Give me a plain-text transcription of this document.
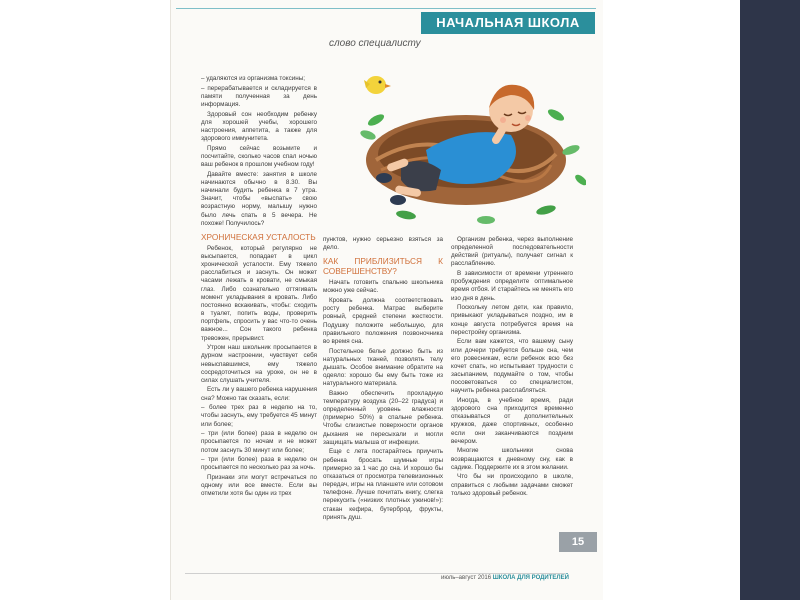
НАЧАЛЬНАЯ ШКОЛА
слово специалисту

– удаляются из организма токсины;

– перерабатывается и складируется в памяти полученная за день информация.

Здоровый сон необходим ребенку для хорошей учебы, хорошего настроения, аппетита, а также для здорового иммунитета.

Прямо сейчас возьмите и посчитайте, сколько часов спал ночью ваш ребенок в прошлом учебном году!

Давайте вместе: занятия в школе начинаются обычно в 8.30. Вы начинали будить ребенка в 7 утра. Значит, чтобы «выспать» свою возрастную норму, малышу нужно было лечь спать в 5 вечера. Не похоже! Получилось?

ХРОНИЧЕСКАЯ УСТАЛОСТЬ

Ребенок, который регулярно не высыпается, попадает в цикл хронической усталости. Ему тяжело расслабиться и заснуть. Он может часами лежать в кровати, не смыкая глаз. Либо сознательно оттягивать момент укладывания в кровать. Либо постоянно вскакивать, чтобы: сходить в туалет, попить воды, проверить портфель, спросить у вас что-то очень важное... Сон такого ребенка тревожен, прерывист.

Утром наш школьник просыпается в дурном настроении, чувствует себя невыспавшимся, ему тяжело сосредоточиться на уроке, он не в силах слушать учителя.

Есть ли у вашего ребенка нарушения сна? Можно так сказать, если:

– более трех раз в неделю на то, чтобы заснуть, ему требуется 45 минут или более;

– три (или более) раза в неделю он просыпается по ночам и не может потом заснуть 30 минут или более;

– три (или более) раза в неделю он просыпается по несколько раз за ночь.

Признаки эти могут встречаться по одному или все вместе. Если вы отметили хотя бы один из трех

пунктов, нужно серьезно взяться за дело.

КАК ПРИБЛИЗИТЬСЯ К СОВЕРШЕНСТВУ?

Начать готовить спальню школьника можно уже сейчас.

Кровать должна соответствовать росту ребенка. Матрас выберите ровный, средней степени жесткости. Подушку положите небольшую, для правильного положения позвоночника во время сна.

Постельное белье должно быть из натуральных тканей, позволять телу дышать. Особое внимание обратите на одеяло: хорошо бы ему быть тоже из натурального материала.

Важно обеспечить прохладную температуру воздуха (20–22 градуса) и определенный уровень влажности (примерно 50%) в спальне ребенка. Чтобы слизистые поверхности органов дыхания не пересыхали и могли защищать малыша от инфекции.

Еще с лета постарайтесь приучить ребенка бросать шумные игры примерно за 1 час до сна. И хорошо бы отказаться от просмотра телевизионных передач, игры на планшете или сотовом телефоне. Лучше почитать книгу, слегка перекусить («низких плотных ужинов!»): стакан кефира, бутерброд, фрукты, принять душ.

Организм ребенка, через выполнение определенной последовательности действий (ритуалы), получает сигнал к расслаблению.

В зависимости от времени утреннего пробуждения определите оптимальное время отбоя. И старайтесь не менять его изо дня в день.

Поскольку летом дети, как правило, привыкают укладываться поздно, им в конце августа потребуется время на перестройку организма.

Если вам кажется, что вашему сыну или дочери требуется больше сна, чем его ровесникам, если ребенок всю без кочет спать, но испытывает трудности с засыпанием, подумайте о том, чтобы посоветоваться со специалистом, научить ребенка расслабляться.

Иногда, в учебное время, ради здорового сна приходится временно отказываться от дополнительных кружков, даже спортивных, особенно если они заканчиваются поздним вечером.

Многие школьники снова возвращаются к дневному сну, как в садике. Поддержите их в этом желании.

Что бы ни происходило в школе, справиться с любыми задачами сможет только здоровый ребенок.

15
июль–август 2016 ШКОЛА ДЛЯ РОДИТЕЛЕЙ
